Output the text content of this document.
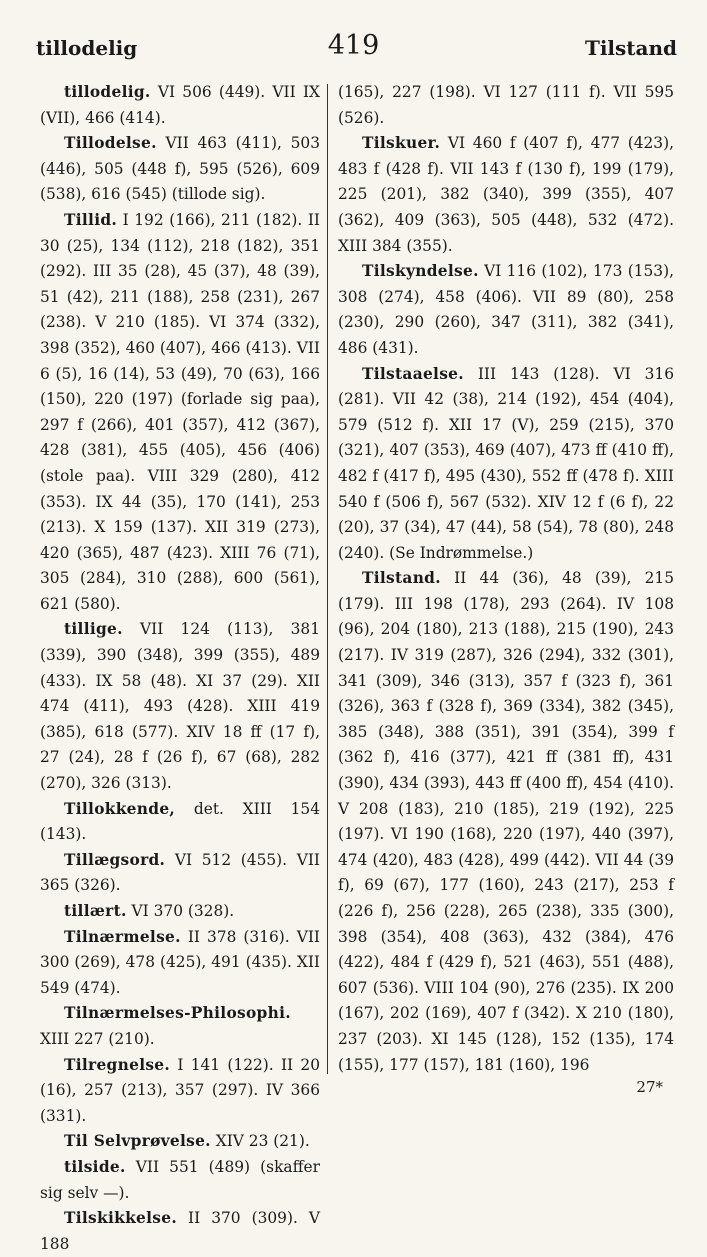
tillodelig	419	Tilstand

tillodelig. VI 506 (449). VII IX (VII), 466 (414).

Tillodelse. VII 463 (411), 503 (446), 505 (448 f), 595 (526), 609 (538), 616 (545) (tillode sig).

Tillid. I 192 (166), 211 (182). II 30 (25), 134 (112), 218 (182), 351 (292). III 35 (28), 45 (37), 48 (39), 51 (42), 211 (188), 258 (231), 267 (238). V 210 (185). VI 374 (332), 398 (352), 460 (407), 466 (413). VII 6 (5), 16 (14), 53 (49), 70 (63), 166 (150), 220 (197) (forlade sig paa), 297 f (266), 401 (357), 412 (367), 428 (381), 455 (405), 456 (406) (stole paa). VIII 329 (280), 412 (353). IX 44 (35), 170 (141), 253 (213). X 159 (137). XII 319 (273), 420 (365), 487 (423). XIII 76 (71), 305 (284), 310 (288), 600 (561), 621 (580).

tillige. VII 124 (113), 381 (339), 390 (348), 399 (355), 489 (433). IX 58 (48). XI 37 (29). XII 474 (411), 493 (428). XIII 419 (385), 618 (577). XIV 18 ff (17 f), 27 (24), 28 f (26 f), 67 (68), 282 (270), 326 (313).

Tillokkende, det. XIII 154 (143).

Tillægsord. VI 512 (455). VII 365 (326).

tillært. VI 370 (328).

Tilnærmelse. II 378 (316). VII 300 (269), 478 (425), 491 (435). XII 549 (474).

Tilnærmelses-Philosophi. XIII 227 (210).

Tilregnelse. I 141 (122). II 20 (16), 257 (213), 357 (297). IV 366 (331).

Til Selvprøvelse. XIV 23 (21).

tilside. VII 551 (489) (skaffer sig selv —).

Tilskikkelse. II 370 (309). V 188

(165), 227 (198). VI 127 (111 f). VII 595 (526).

Tilskuer. VI 460 f (407 f), 477 (423), 483 f (428 f). VII 143 f (130 f), 199 (179), 225 (201), 382 (340), 399 (355), 407 (362), 409 (363), 505 (448), 532 (472). XIII 384 (355).

Tilskyndelse. VI 116 (102), 173 (153), 308 (274), 458 (406). VII 89 (80), 258 (230), 290 (260), 347 (311), 382 (341), 486 (431).

Tilstaaelse. III 143 (128). VI 316 (281). VII 42 (38), 214 (192), 454 (404), 579 (512 f). XII 17 (V), 259 (215), 370 (321), 407 (353), 469 (407), 473 ff (410 ff), 482 f (417 f), 495 (430), 552 ff (478 f). XIII 540 f (506 f), 567 (532). XIV 12 f (6 f), 22 (20), 37 (34), 47 (44), 58 (54), 78 (80), 248 (240). (Se Indrømmelse.)

Tilstand. II 44 (36), 48 (39), 215 (179). III 198 (178), 293 (264). IV 108 (96), 204 (180), 213 (188), 215 (190), 243 (217). IV 319 (287), 326 (294), 332 (301), 341 (309), 346 (313), 357 f (323 f), 361 (326), 363 f (328 f), 369 (334), 382 (345), 385 (348), 388 (351), 391 (354), 399 f (362 f), 416 (377), 421 ff (381 ff), 431 (390), 434 (393), 443 ff (400 ff), 454 (410). V 208 (183), 210 (185), 219 (192), 225 (197). VI 190 (168), 220 (197), 440 (397), 474 (420), 483 (428), 499 (442). VII 44 (39 f), 69 (67), 177 (160), 243 (217), 253 f (226 f), 256 (228), 265 (238), 335 (300), 398 (354), 408 (363), 432 (384), 476 (422), 484 f (429 f), 521 (463), 551 (488), 607 (536). VIII 104 (90), 276 (235). IX 200 (167), 202 (169), 407 f (342). X 210 (180), 237 (203). XI 145 (128), 152 (135), 174 (155), 177 (157), 181 (160), 196

27*
